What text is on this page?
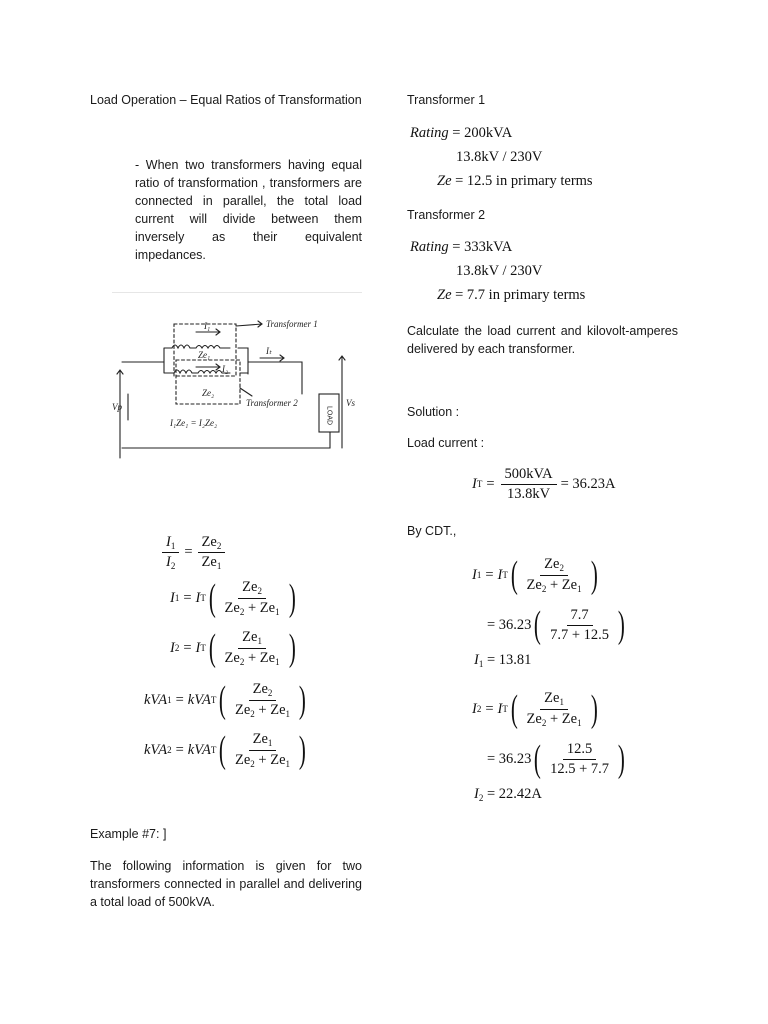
Load Operation – Equal Ratios of Transformation
- When two transformers having equal ratio of transformation , transformers are connected in parallel, the total load current will divide between them inversely as their equivalent impedances.
Transformer 1
Transformer 2
I₁
I₂
Iₜ
Ze₁
Ze₂
Vp	Vs
I₁Ze₁ = I₂Ze₂	LOAD
$\frac{I_1}{I_2} = \frac{Ze_2}{Ze_1}$
I 1 = I T ( $\frac{Ze_2}{Ze_2 + Ze_1}$ )
I 2 = I T ( $\frac{Ze_1}{Ze_2 + Ze_1}$ )
kVA 1 = kVA T ( $\frac{Ze_2}{Ze_2 + Ze_1}$ )
kVA 2 = kVA T ( $\frac{Ze_1}{Ze_2 + Ze_1}$ )
Example #7: ]
The following information is given for two transformers connected in parallel and delivering a total load of 500kVA.
Transformer 1
Rating = 200kVA
13.8kV / 230V
Ze = 12.5 in primary terms
Transformer 2
Rating = 333kVA
13.8kV / 230V
Ze = 7.7 in primary terms
Calculate the load current and kilovolt-amperes delivered by each transformer.
Solution :
Load current :
I $T = \frac{\text{500kVA}}{13.8kV} = 36.23A$
By CDT.,
I 1 = I T ( $\frac{Ze_2}{Ze_2 + Ze_1}$ )
= 36.23 ( $\frac{7.7}{7.7 + 12.5}$ )
$I_1 = 13.81$
I 2 = I T ( $\frac{Ze_1}{Ze_2 + Ze_1}$ )
= 36.23 ( $\frac{12.5}{12.5 + 7.7}$ )
$I_2 = 22.42A$
